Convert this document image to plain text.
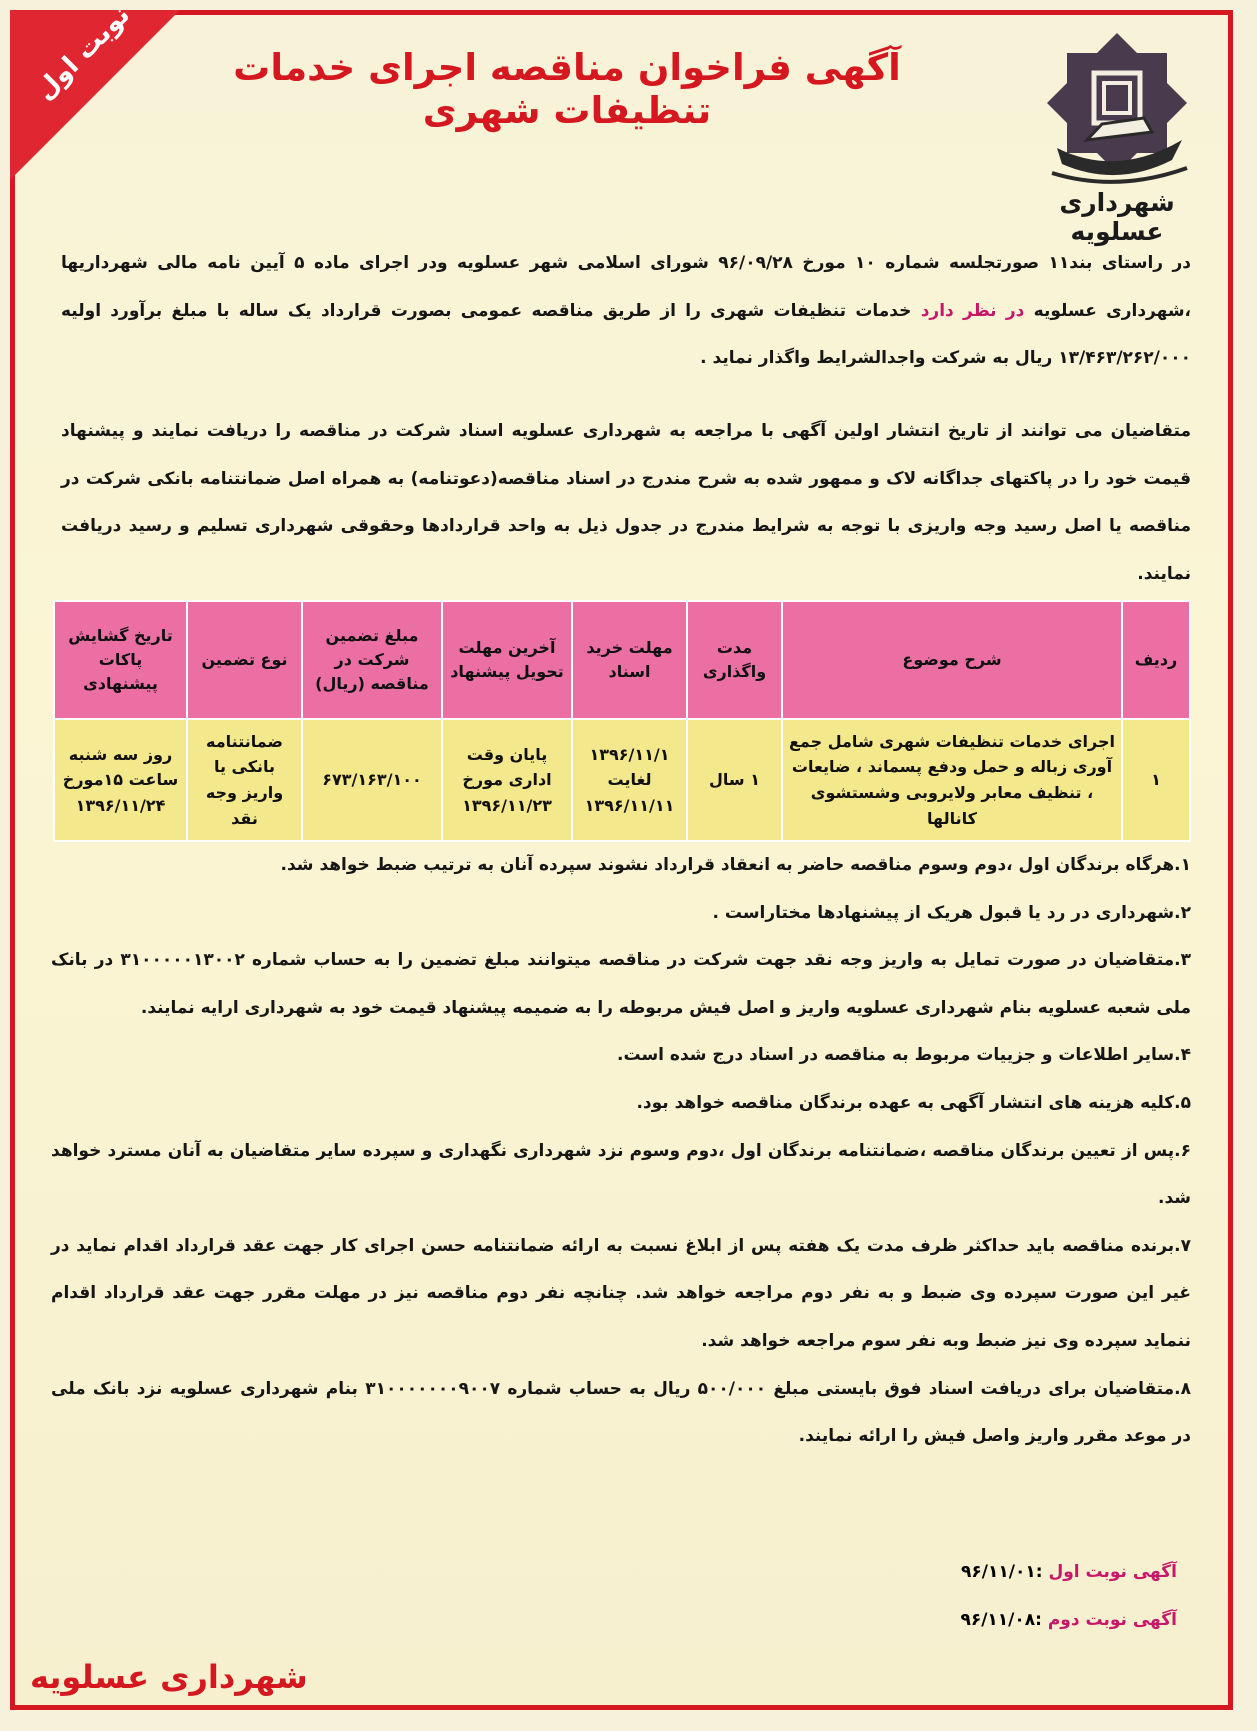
نوبت اول	آگهی فراخوان مناقصه اجرای خدمات تنظیفات شهری
شهرداری عسلویه
در راستای بند۱۱ صورتجلسه شماره ۱۰ مورخ ۹۶/۰۹/۲۸ شورای اسلامی شهر عسلویه ودر اجرای ماده ۵ آیین نامه مالی شهرداریها ،شهرداری عسلویه در نظر دارد خدمات تنظیفات شهری را از طریق مناقصه عمومی بصورت قرارداد یک ساله با مبلغ برآورد اولیه ۱۳/۴۶۳/۲۶۲/۰۰۰ ریال به شرکت واجدالشرایط واگذار نماید .
متقاضیان می توانند از تاریخ انتشار اولین آگهی با مراجعه به شهرداری عسلویه اسناد شرکت در مناقصه را دریافت نمایند و پیشنهاد قیمت خود را در پاکتهای جداگانه لاک و ممهور شده به شرح مندرج در اسناد مناقصه(دعوتنامه) به همراه اصل ضمانتنامه بانکی شرکت در مناقصه یا اصل رسید وجه واریزی با توجه به شرایط مندرج در جدول ذیل به واحد قراردادها وحقوقی شهرداری تسلیم و رسید دریافت نمایند.
ردیف	شرح موضوع	مدت واگذاری	مهلت خرید اسناد	آخرین مهلت تحویل پیشنهاد	مبلغ تضمین شرکت در مناقصه (ریال)	نوع تضمین	تاریخ گشایش پاکات پیشنهادی
۱	اجرای خدمات تنظیفات شهری شامل جمع آوری زباله و حمل ودفع پسماند ، ضایعات ، تنظیف معابر ولایروبی وشستشوی کانالها	۱ سال	۱۳۹۶/۱۱/۱ لغایت ۱۳۹۶/۱۱/۱۱	پایان وقت اداری مورخ ۱۳۹۶/۱۱/۲۳	۶۷۳/۱۶۳/۱۰۰	ضمانتنامه بانکی یا واریز وجه نقد	روز سه شنبه ساعت ۱۵مورخ ۱۳۹۶/۱۱/۲۴

۱.هرگاه برندگان اول ،دوم وسوم مناقصه حاضر به انعقاد قرارداد نشوند سپرده آنان به ترتیب ضبط خواهد شد.

۲.شهرداری در رد یا قبول هریک از پیشنهادها مختاراست .

۳.متقاضیان در صورت تمایل به واریز وجه نقد جهت شرکت در مناقصه میتوانند مبلغ تضمین را به حساب شماره ۳۱۰۰۰۰۰۱۳۰۰۲ در بانک ملی شعبه عسلویه بنام شهرداری عسلویه واریز و اصل فیش مربوطه را به ضمیمه پیشنهاد قیمت خود به شهرداری ارایه نمایند.

۴.سایر اطلاعات و جزییات مربوط به مناقصه در اسناد درج شده است.

۵.کلیه هزینه های انتشار آگهی به عهده برندگان مناقصه خواهد بود.

۶.پس از تعیین برندگان مناقصه ،ضمانتنامه برندگان اول ،دوم وسوم نزد شهرداری نگهداری و سپرده سایر متقاضیان به آنان مسترد خواهد شد.

۷.برنده مناقصه باید حداکثر ظرف مدت یک هفته پس از ابلاغ نسبت به ارائه ضمانتنامه حسن اجرای کار جهت عقد قرارداد اقدام نماید در غیر این صورت سپرده وی ضبط و به نفر دوم مراجعه خواهد شد. چنانچه نفر دوم مناقصه نیز در مهلت مقرر جهت عقد قرارداد اقدام ننماید سپرده وی نیز ضبط وبه نفر سوم مراجعه خواهد شد.

۸.متقاضیان برای دریافت اسناد فوق بایستی مبلغ ۵۰۰/۰۰۰ ریال به حساب شماره ۳۱۰۰۰۰۰۰۰۹۰۰۷ بنام شهرداری عسلویه نزد بانک ملی در موعد مقرر واریز واصل فیش را ارائه نمایند.

آگهی نوبت اول :۹۶/۱۱/۰۱
آگهی نوبت دوم :۹۶/۱۱/۰۸
شهرداری عسلویه
